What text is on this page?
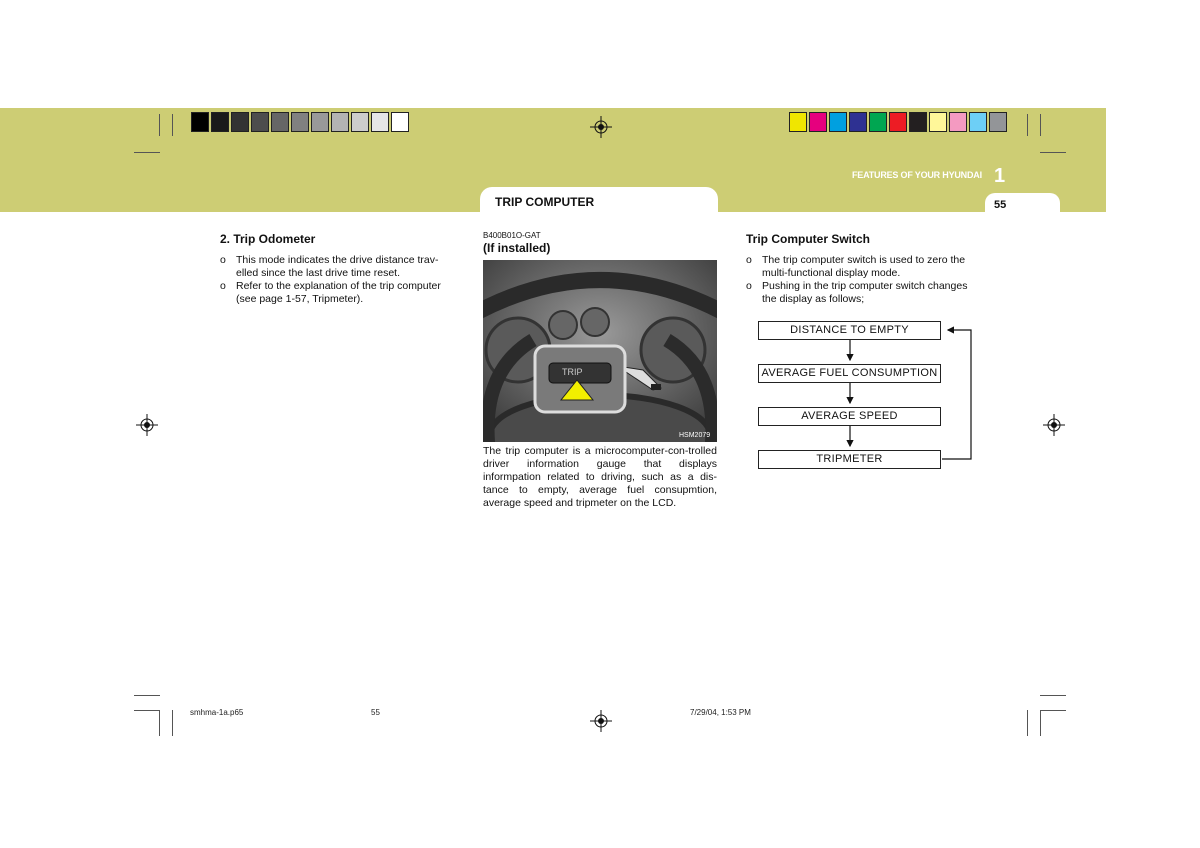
FEATURES OF YOUR HYUNDAI 1
TRIP COMPUTER	55
2. Trip Odometer
o This mode indicates the drive distance trav-elled since the last drive time reset.
o Refer to the explanation of the trip computer (see page 1-57, Tripmeter).
B400B01O-GAT
(If installed)
TRIP
HSM2079
The trip computer is a microcomputer-con-trolled driver information gauge that displays informpation related to driving, such as a dis-tance to empty, average fuel consupmtion, average speed and tripmeter on the LCD.
Trip Computer Switch
o The trip computer switch is used to zero the multi-functional display mode.
o Pushing in the trip computer switch changes the display as follows;
DISTANCE TO EMPTY
AVERAGE FUEL CONSUMPTION
AVERAGE SPEED
TRIPMETER
smhma-1a.p65	55	7/29/04, 1:53 PM
